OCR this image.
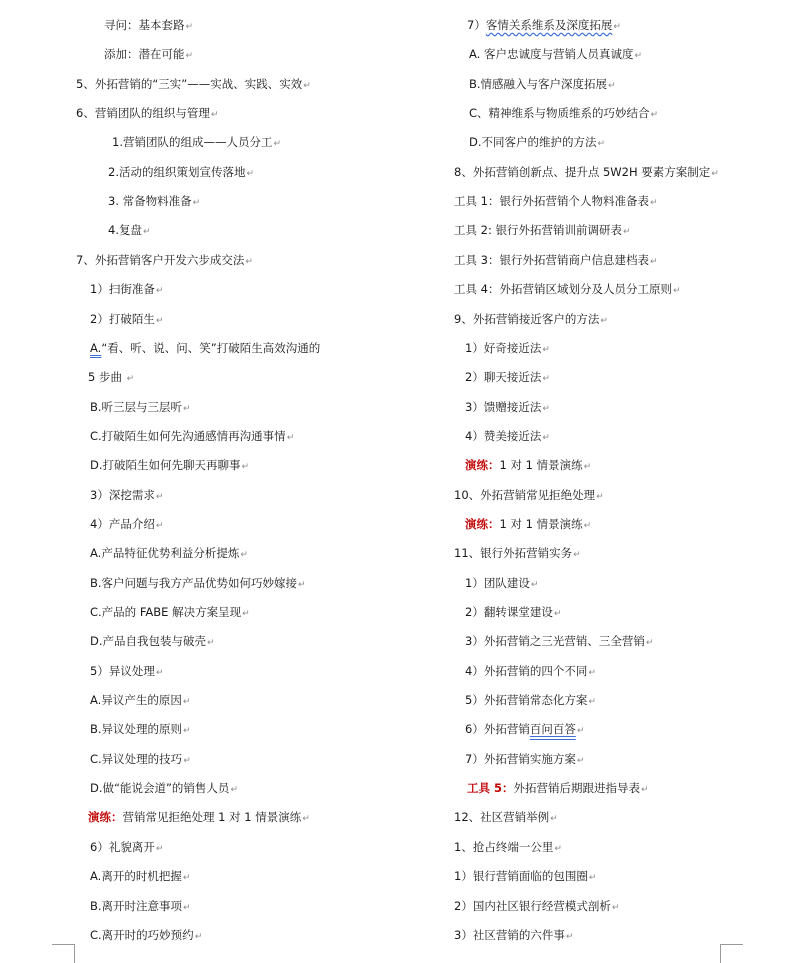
寻问：基本套路↵
添加：潜在可能↵
5、外拓营销的“三实”——实战、实践、实效↵
6、营销团队的组织与管理↵
1.营销团队的组成——人员分工↵
2.活动的组织策划宣传落地↵
3. 常备物料准备↵
4.复盘↵
7、外拓营销客户开发六步成交法↵
1）扫街准备↵
2）打破陌生↵
A.“看、听、说、问、笑”打破陌生高效沟通的
5 步曲 ↵
B.听三层与三层听↵
C.打破陌生如何先沟通感情再沟通事情↵
D.打破陌生如何先聊天再聊事↵
3）深挖需求↵
4）产品介绍↵
A.产品特征优势利益分析提炼↵
B.客户问题与我方产品优势如何巧妙嫁接↵
C.产品的 FABE 解决方案呈现↵
D.产品自我包装与破壳↵
5）异议处理↵
A.异议产生的原因↵
B.异议处理的原则↵
C.异议处理的技巧↵
D.做“能说会道”的销售人员↵
演练：营销常见拒绝处理 1 对 1 情景演练↵
6）礼貌离开↵
A.离开的时机把握↵
B.离开时注意事项↵
C.离开时的巧妙预约↵
7）客情关系维系及深度拓展↵
A. 客户忠诚度与营销人员真诚度↵
B.情感融入与客户深度拓展↵
C、精神维系与物质维系的巧妙结合↵
D.不同客户的维护的方法↵
8、外拓营销创新点、提升点 5W2H 要素方案制定↵
工具 1：银行外拓营销个人物料准备表↵
工具 2: 银行外拓营销训前调研表↵
工具 3：银行外拓营销商户信息建档表↵
工具 4：外拓营销区域划分及人员分工原则↵
9、外拓营销接近客户的方法↵
1）好奇接近法↵
2）聊天接近法↵
3）馈赠接近法↵
4）赞美接近法↵
演练：1 对 1 情景演练↵
10、外拓营销常见拒绝处理↵
演练：1 对 1 情景演练↵
11、银行外拓营销实务↵
1）团队建设↵
2）翻转课堂建设↵
3）外拓营销之三光营销、三全营销↵
4）外拓营销的四个不同↵
5）外拓营销常态化方案↵
6）外拓营销百问百答↵
7）外拓营销实施方案↵
工具 5：外拓营销后期跟进指导表↵
12、社区营销举例↵
1、抢占终端一公里↵
1）银行营销面临的包围圈↵
2）国内社区银行经营模式剖析↵
3）社区营销的六件事↵
